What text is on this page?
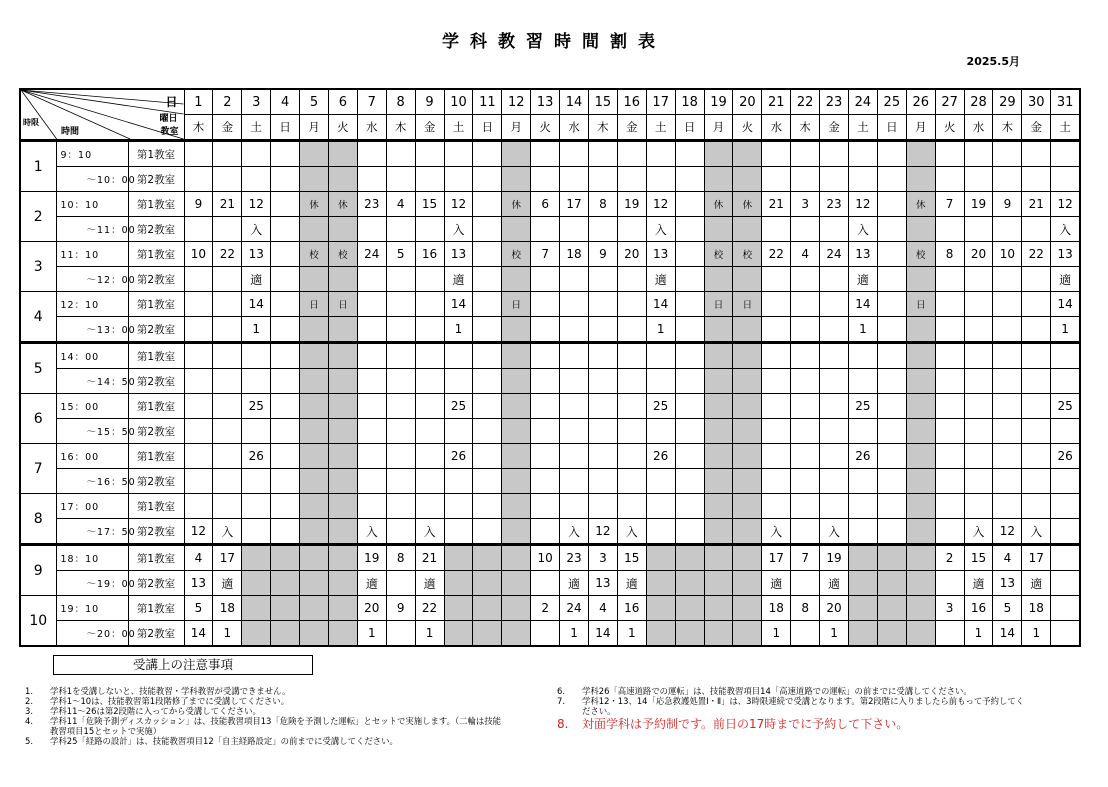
学科教習時間割表
2025.5月
日
曜日
教室
時間
時限			1	2	3	4	5	6	7	8	9	10	11	12	13	14	15	16	17	18	19	20	21	22	23	24	25	26	27	28	29	30	31
			木	金	土	日	月	火	水	木	金	土	日	月	火	水	木	金	土	日	月	火	水	木	金	土	日	月	火	水	木	金	土
1	9：10	第1教室																															
	～10：00	第2教室																															
2	10：10	第1教室	9	21	12		休	休	23	4	15	12		休	6	17	8	19	12		休	休	21	3	23	12		休	7	19	9	21	12
	～11：00	第2教室			入							入							入							入							入
3	11：10	第1教室	10	22	13		校	校	24	5	16	13		校	7	18	9	20	13		校	校	22	4	24	13		校	8	20	10	22	13
	～12：00	第2教室			適							適							適							適							適
4	12：10	第1教室			14		日	日				14		日					14		日	日				14		日					14
	～13：00	第2教室			1							1							1							1							1
5	14：00	第1教室																															
	～14：50	第2教室																															
6	15：00	第1教室			25							25							25							25							25
	～15：50	第2教室																															
7	16：00	第1教室			26							26							26							26							26
	～16：50	第2教室																															
8	17：00	第1教室																															
	～17：50	第2教室	12	入					入		入					入	12	入					入		入					入	12	入	
9	18：10	第1教室	4	17					19	8	21				10	23	3	15					17	7	19				2	15	4	17	
	～19：00	第2教室	13	適					適		適					適	13	適					適		適					適	13	適	
10	19：10	第1教室	5	18					20	9	22				2	24	4	16					18	8	20				3	16	5	18	
	～20：00	第2教室	14	1					1		1					1	14	1					1		1					1	14	1	
受講上の注意事項
1. 学科1を受講しないと、技能教習・学科教習が受講できません。
2. 学科1～10は、技能教習第1段階修了までに受講してください。
3. 学科11～26は第2段階に入ってから受講してください。
4. 学科11「危険予測ディスカッション」は、技能教習項目13「危険を予測した運転」とセットで実施します。（二輪は技能教習項目15とセットで実施）
5. 学科25「経路の設計」は、技能教習項目12「自主経路設定」の前までに受講してください。
6. 学科26「高速道路での運転」は、技能教習項目14「高速道路での運転」の前までに受講してください。
7. 学科12・13、14「応急救護処置Ⅰ・Ⅱ」は、3時限連続で受講となります。第2段階に入りましたら前もって予約してください。
8. 対面学科は予約制です。前日の17時までに予約して下さい。
